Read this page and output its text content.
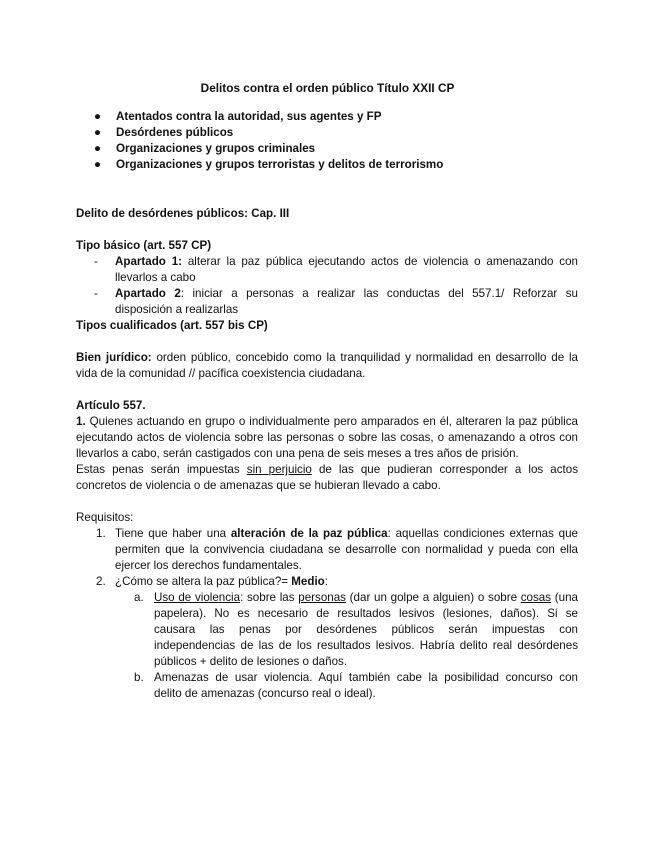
Delitos contra el orden público Título XXII CP
● Atentados contra la autoridad, sus agentes y FP
● Desórdenes públicos
● Organizaciones y grupos criminales
● Organizaciones y grupos terroristas y delitos de terrorismo
Delito de desórdenes públicos: Cap. III
Tipo básico (art. 557 CP)
- Apartado 1: alterar la paz pública ejecutando actos de violencia o amenazando con
llevarlos a cabo
- Apartado 2: iniciar a personas a realizar las conductas del 557.1/ Reforzar su
disposición a realizarlas
Tipos cualificados (art. 557 bis CP)
Bien jurídico: orden público, concebido como la tranquilidad y normalidad en desarrollo de la
vida de la comunidad // pacífica coexistencia ciudadana.
Artículo 557.
1. Quienes actuando en grupo o individualmente pero amparados en él, alteraren la paz pública
ejecutando actos de violencia sobre las personas o sobre las cosas, o amenazando a otros con
llevarlos a cabo, serán castigados con una pena de seis meses a tres años de prisión.
Estas penas serán impuestas sin perjuicio de las que pudieran corresponder a los actos
concretos de violencia o de amenazas que se hubieran llevado a cabo.
Requisitos:
1. Tiene que haber una alteración de la paz pública: aquellas condiciones externas que
permiten que la convivencia ciudadana se desarrolle con normalidad y pueda con ella
ejercer los derechos fundamentales.
2. ¿Cómo se altera la paz pública?= Medio:
a. Uso de violencia: sobre las personas (dar un golpe a alguien) o sobre cosas (una
papelera). No es necesario de resultados lesivos (lesiones, daños). Si se
causara las penas por desórdenes públicos serán impuestas con
independencias de las de los resultados lesivos. Habría delito real desórdenes
públicos + delito de lesiones o daños.
b. Amenazas de usar violencia. Aquí también cabe la posibilidad concurso con
delito de amenazas (concurso real o ideal).
